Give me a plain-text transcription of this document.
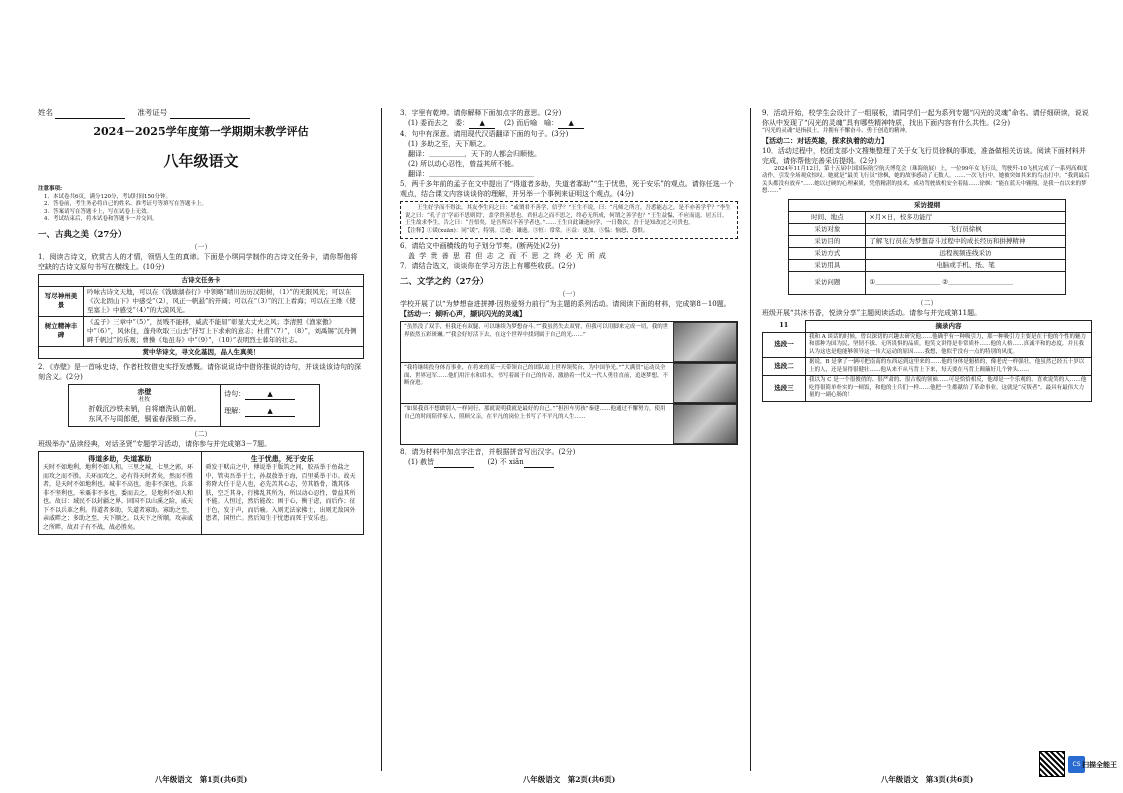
姓名	准考证号

2024－2025学年度第一学期期末教学评估

八年级语文

注意事项:

1．本试卷共6页，满分120分，考试时间150分钟。

2．答卷前，考生务必将自己的姓名、准考证号等填写在答题卡上。

3．答案请写在答题卡上，写在试卷上无效。

4．考试结束后，将本试卷和答题卡一并交回。

一、古典之美（27分）

（一）

1．阅读古诗文，欣赏古人的才情，领悟人生的真谛。下面是小琪同学制作的古诗文任务卡，请你帮他将空缺的古诗文原句书写在横线上。(10分)

古诗文任务卡	
写尽神州美景	吟咏古诗文天地，可以在《钱塘湖春行》中领略“晴川历历汉阳树，（1）”的无限风光；可以在《次北固山下》中感受“（2），风正一帆悬”的开阔；可以在“（3）”的江上看海；可以在王维《使至塞上》中感受“（4）”的大漠风光。
树立精神丰碑	《孟子》三章中“（5）”，贫贱不能移，威武不能屈”彰显大丈夫之风；李清照《渔家傲》中“（6）”，风休住，蓬舟吹取三山去”抒写上下求索的意志；杜甫“（7）”，（8）”，刘禹锡“沉舟侧畔千帆过”的乐观；曹操《龟虽寿》中“（9）”，（10）”表明烈士暮年的壮志。
赏中华诗文，寻文化基因，品人生真美！	

2．《赤壁》是一首咏史诗，作者杜牧借史实抒发感慨。请你说说诗中借你推说的诗句，并谈谈该诗句的深刻含义。(2分)

赤壁

杜牧

折戟沉沙铁未销，自将磨洗认前朝。

东风不与周郎便，铜雀春深锁二乔。

诗句：	▲

理解：	▲

（二）

班级举办“品读经典，对话圣贤”专题学习活动，请你参与并完成第3－7题。

得道多助，失道寡助

天时不如地利，地利不如人和。三里之城，七里之郭，环而攻之而不胜。夫环而攻之，必有得天时者矣，然而不胜者，是天时不如地利也。城非不高也，池非不深也，兵革非不坚利也，米粟非不多也，委而去之，是地利不如人和也。故曰：域民不以封疆之界，固国不以山溪之险，威天下不以兵革之利。得道者多助，失道者寡助。寡助之至，亲戚畔之；多助之至，天下顺之。以天下之所顺，攻亲戚之所畔，故君子有不战，战必胜矣。

生于忧患，死于安乐

舜发于畎亩之中，傅说举于版筑之间，胶鬲举于鱼盐之中，管夷吾举于士，孙叔敖举于海，百里奚举于市。故天将降大任于是人也，必先苦其心志，劳其筋骨，饿其体肤，空乏其身，行拂乱其所为，所以动心忍性，曾益其所不能。人恒过，然后能改；困于心，衡于虑，而后作；征于色，发于声，而后喻。入则无法家拂士，出则无敌国外患者，国恒亡。然后知生于忧患而死于安乐也。

八年级语文　第1页(共6页)

3．字里有乾坤。请你解释下面加点字的意思。(2分)

(1) 委而去之　委： ▲	(2) 而后喻　喻： ▲

4．句中有深意。请用现代汉语翻译下面的句子。(3分)

(1) 多助之至，天下顺之。

翻译：＿＿＿＿＿，天下的人都会归顺他。

(2) 所以动心忍性，曾益其所不能。

翻译：＿＿＿＿＿＿＿＿＿＿＿＿＿＿＿

5．两千多年前的孟子在文中提出了“得道者多助，失道者寡助”“生于忧患，死于安乐”的观点。请你任选一个观点，结合课文内容谈谈你的理解，并另举一个事例来证明这个观点。(4分)

王生好学而不得法。其友李生问之曰：“或谓君不善学，信乎？”王生不说，曰：“凡师之所言，吾悉能志之，是不亦善学乎？”李生说之曰：“孔子言‘学而不思则罔’，盖学贵善思也。君但志之而不思之，终必无所成，何谓之善学也？”王生益愠，不应而退。居五日，王生故求李生，告之曰：“吾悟矣，是吾所以不善学者也。”……王生自此谦逊向学，一日数次。吾于是知改过之可贵也。

【注释】①谖(xuān)：同“谖”，特别。②逊：谦逊。③恒：常常。④益：更加。⑤愠：恼怒，怨恨。

6．请给文中画横线的句子划分节奏。(断两处)(2分)

盖 学 贵 善 思 君 但 志 之 而 不 思 之 终 必 无 所 成

7．请结合选文，谈谈你在学习方法上有哪些收获。(2分)

二、文学之约（27分）

（一）

学校开展了以“为梦想奋进拼搏·因热爱努力前行”为主题的系列活动。请阅读下面的材料，完成第8－10题。

【活动一：倾听心声，撷识闪光的灵魂】

“虽然没了双手，但我还有双腿，可以继续为梦想奋斗。”“我虽然失去双臂，但我可以用脚来完成一切，我的世界依然五彩斑斓。”“我会好好活下去，在这个世界中找到属于自己的光……”

“我将继续投身体育事业，在将来的某一天带领自己的团队站上世界领奖台，为中国争光。”“大满贯”运动员全面、世界冠军……他们用汗水和泪水，书写着属于自己的传奇，激励着一代又一代人勇往直前，追逐梦想，不断奋进。

“如果我真不想做别人一样同行，那就说明我就是最好的自己。”“担担车男孩”秦建……他通过不懈努力，使用自己的时间陪伴家人，照顾父亲，在平凡的岗位上书写了不平凡的人生……

8．请为材料中加点字注音，并根据拼音写出汉字。(2分)

(1) 赦皆	(2) 不 xiǎn

八年级语文　第2页(共6页)

9．活动开始，校学生会设计了一组展板，请同学们一起为系列专题“闪光的灵魂”命名。请仔细研读，说说你从中发现了“闪光的灵魂”具有哪些精神特质，找出下面内容有什么共性。(2分)

“闪光的灵魂”是指叔士，并拥有不懈奋斗、勇于创造的精神。

【活动二：对话英雄，探求执着的动力】

10．活动过程中，校团支部小文搜集整理了关于女飞行员徐枫的事迹，准备做相关访谈。阅读下面材料并完成，请你帮他完善采访提纲。(2分)

2024年11月12日，第十五届中国国际航空航天博览会（珠海航展）上，一位99年女飞行员，驾驶歼-10飞机完成了一系列高难度动作，引发全场观众惊叹。她就是“最美飞行员”徐枫，她的故事感动了无数人。……一次飞行中，她被突如其来的鸟击打中。“我到最后关头都没有放弃”……她以过硬的心理素质，凭借精湛的技术，成功驾驶战机安全着陆……徐枫：“能在蓝天中翱翔，是我一直以来的梦想……”

采访提纲	
时间、地点	×月×日，校多功能厅
采访对象	飞行员徐枫
采访目的	了解飞行员在为梦想奋斗过程中的成长经历和拼搏精神
采访方式	远程视频连线采访
采访用具	电脑或手机、纸、笔
采访问题	①＿＿＿＿＿＿＿＿＿＿ ②＿＿＿＿＿＿＿＿＿＿

（二）

班级开展“共沐书香，悦读分享”主题阅读活动。请参与并完成第11题。

11	摘录内容
选段一	我和 A 谈话的时候，曾以深切的兴趣去研究他……他确乎有一种吸引力，那一种吸引力主要是在于他的个性的魅力和那种为国为民、坚韧不拔、无所畏惧的品质。他笑文讲得是非常质朴……他的人格……真诚平和的态度，并且我认为这也是他能够领导这一伟大运动的原因……我想，他似乎没有一点的特别的风度。
选段二	据说，B 是拿了一辆可把南南的东西运到这里来的……他的身体是魁梧的，像老虎一样强壮。他虽然已经五十岁以上的人，还是显得很健壮……他从来不从马背上下来，每天要在马背上颠簸好几个钟头……
选段三	我以为 C 是一个很俊俏的、很严肃的、很古板的领袖……可是恰恰相反，他却是一个乐观的、喜欢说笑的人……他吃得很简单朴实的一顿饭，和他的士兵们一样……他把一生都献给了革命事业。这就是“反叛者”。最具有最伟大力量的一副心肠的！
八年级语文　第3页(共6页)
CS 扫描全能王
